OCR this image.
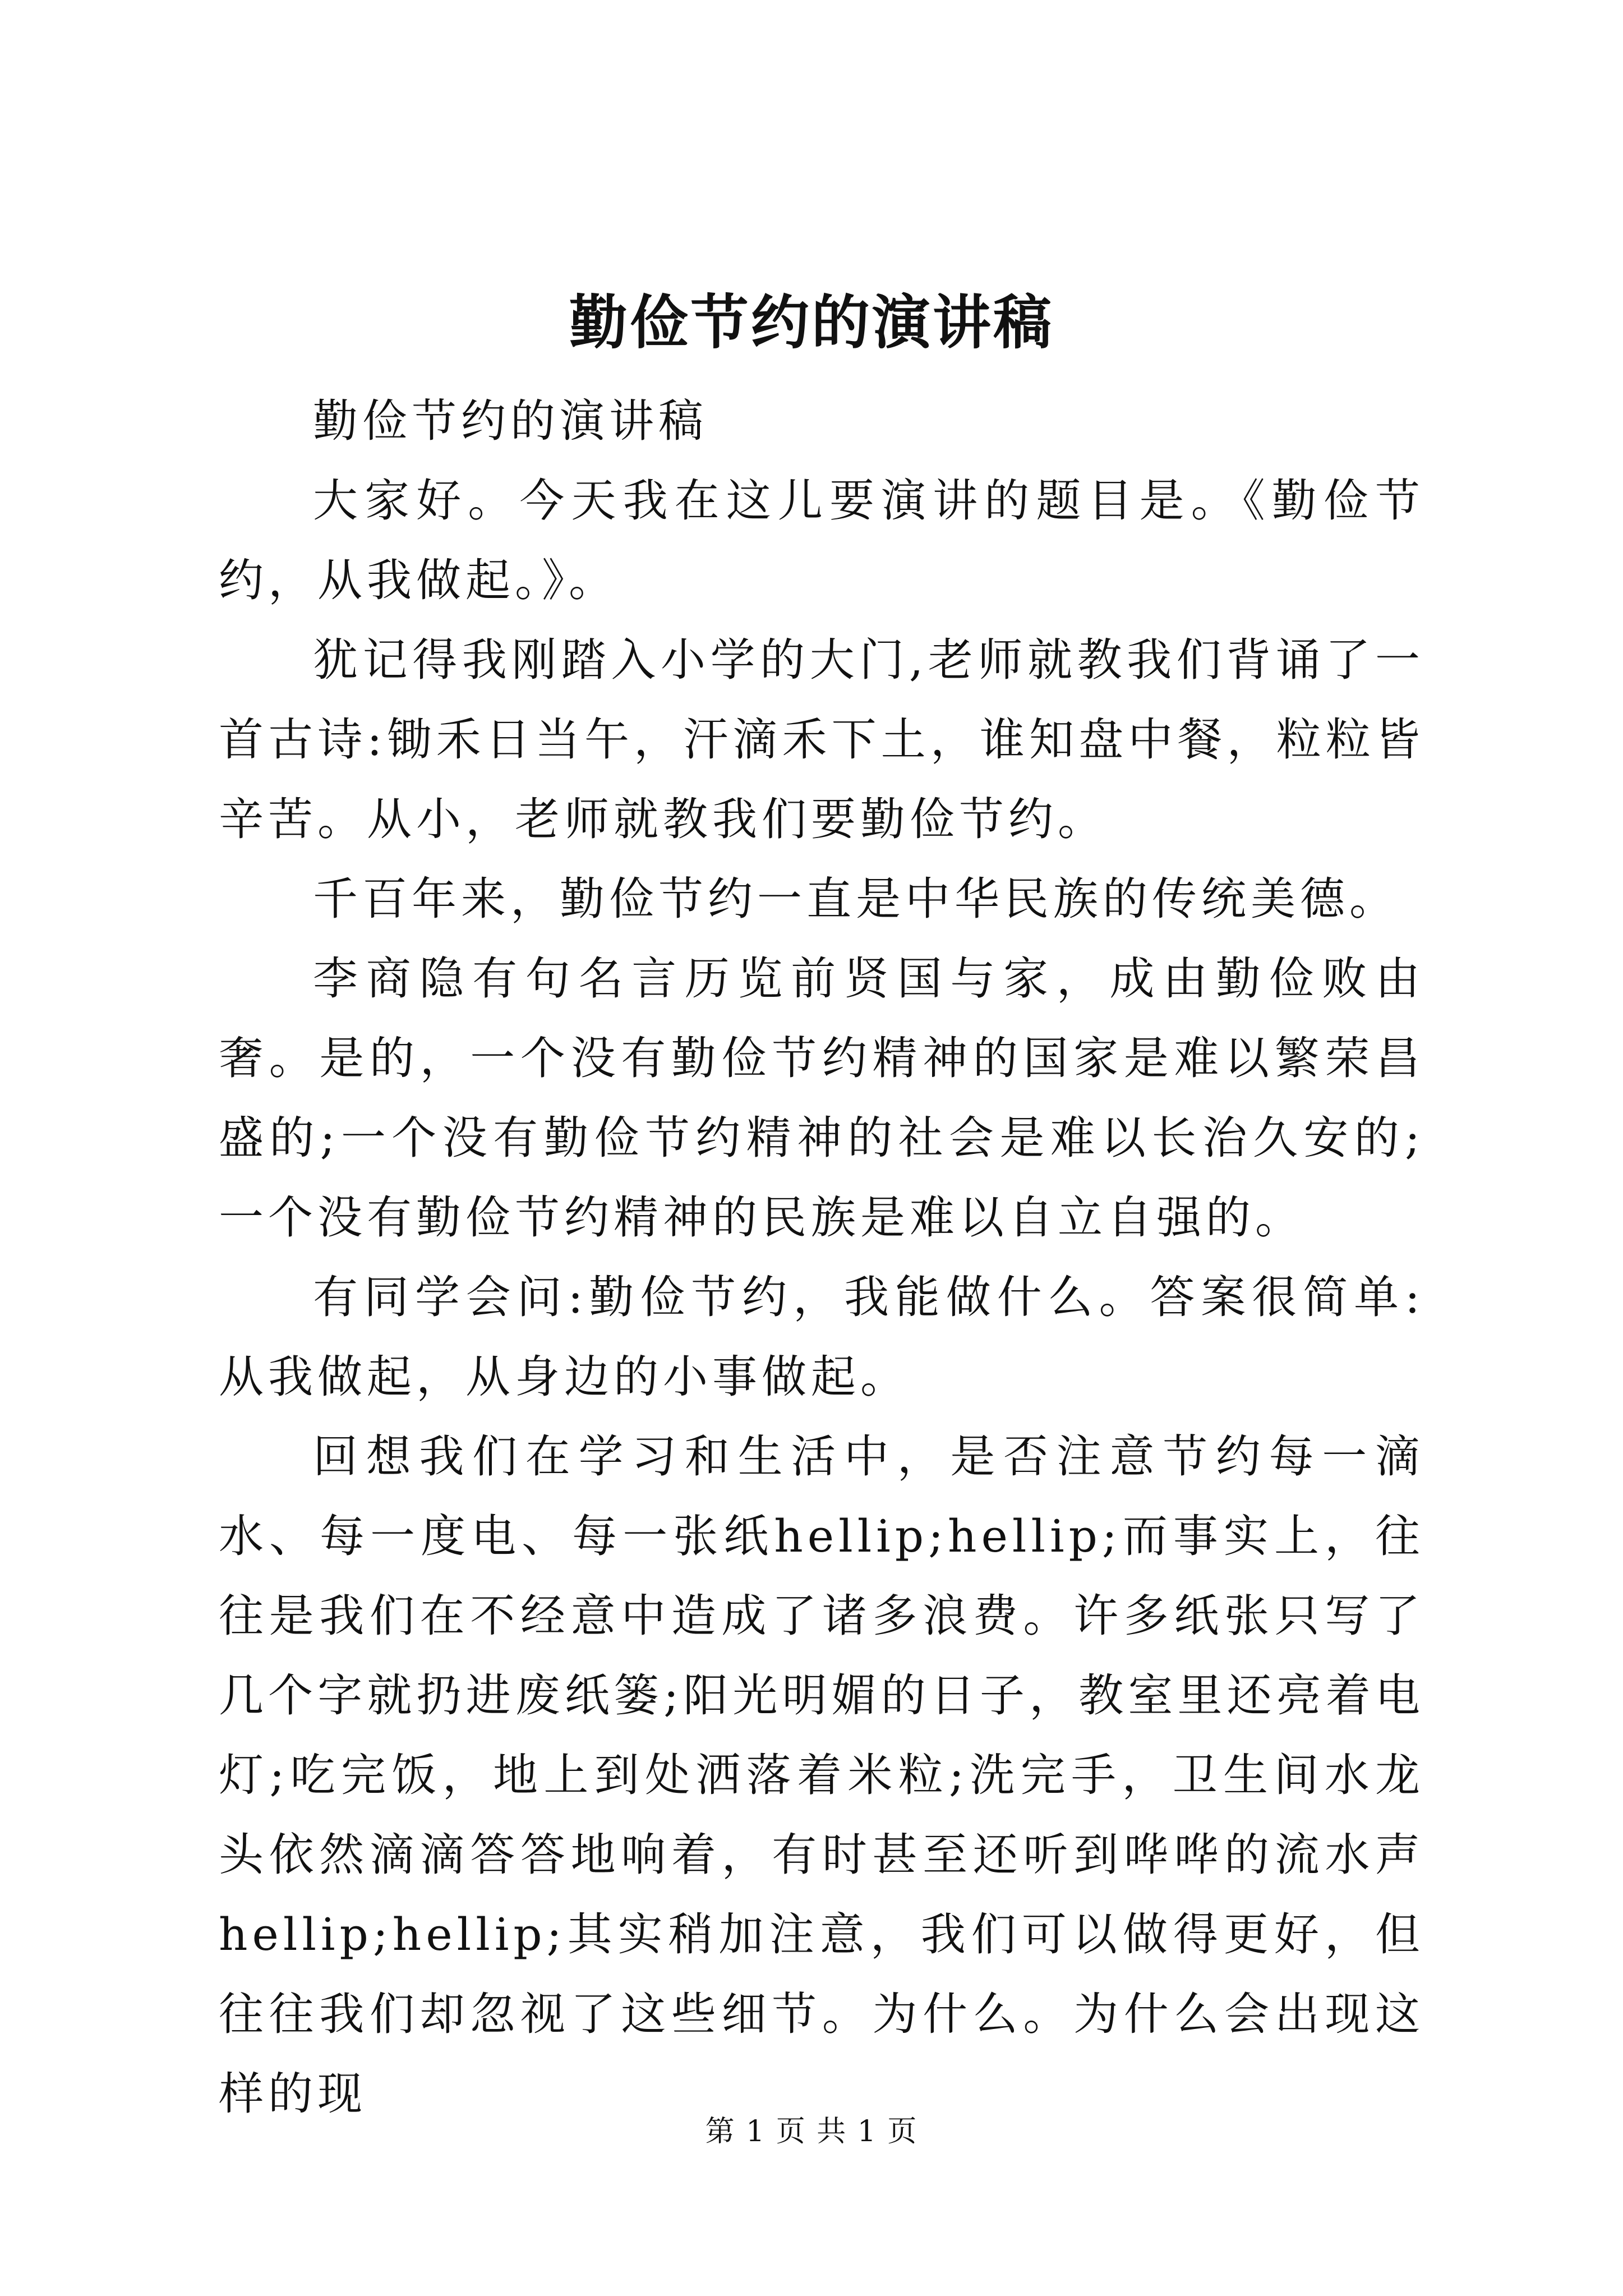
勤俭节约的演讲稿

勤俭节约的演讲稿

大家好。今天我在这儿要演讲的题目是。《勤俭节约，从我做起。》。

犹记得我刚踏入小学的大门,老师就教我们背诵了一首古诗:锄禾日当午，汗滴禾下土，谁知盘中餐，粒粒皆辛苦。从小，老师就教我们要勤俭节约。

千百年来，勤俭节约一直是中华民族的传统美德。

李商隐有句名言历览前贤国与家，成由勤俭败由奢。是的，一个没有勤俭节约精神的国家是难以繁荣昌盛的;一个没有勤俭节约精神的社会是难以长治久安的;一个没有勤俭节约精神的民族是难以自立自强的。

有同学会问:勤俭节约，我能做什么。答案很简单:从我做起，从身边的小事做起。

回想我们在学习和生活中，是否注意节约每一滴水、每一度电、每一张纸hellip;hellip;而事实上，往往是我们在不经意中造成了诸多浪费。许多纸张只写了几个字就扔进废纸篓;阳光明媚的日子，教室里还亮着电灯;吃完饭，地上到处洒落着米粒;洗完手，卫生间水龙头依然滴滴答答地响着，有时甚至还听到哗哗的流水声hellip;hellip;其实稍加注意，我们可以做得更好，但往往我们却忽视了这些细节。为什么。为什么会出现这样的现

第 1 页 共 1 页
